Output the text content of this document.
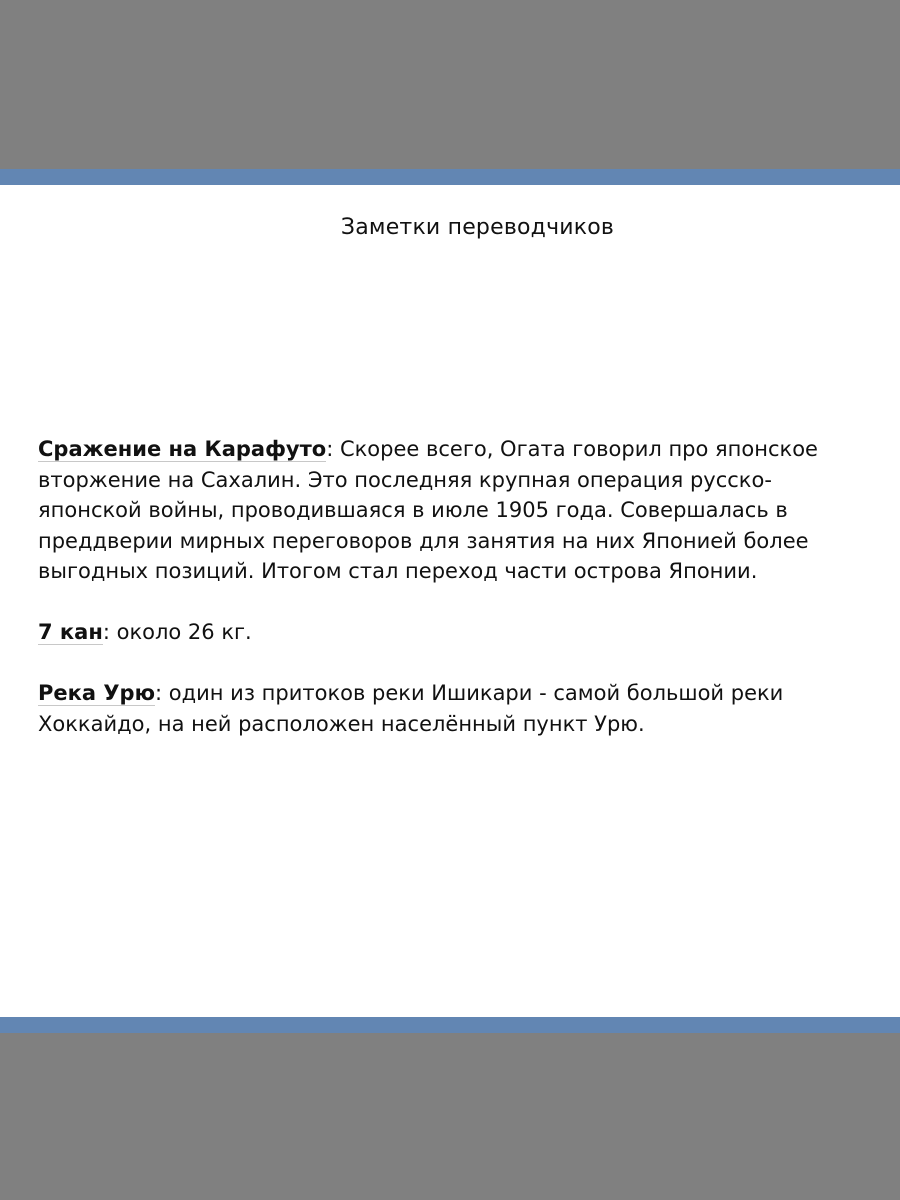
Заметки переводчиков

Сражение на Карафуто: Скорее всего, Огата говорил про японское вторжение на Сахалин. Это последняя крупная операция русско-японской войны, проводившаяся в июле 1905 года. Совершалась в преддверии мирных переговоров для занятия на них Японией более выгодных позиций. Итогом стал переход части острова Японии.

7 кан: около 26 кг.

Река Урю: один из притоков реки Ишикари - самой большой реки Хоккайдо, на ней расположен населённый пункт Урю.
